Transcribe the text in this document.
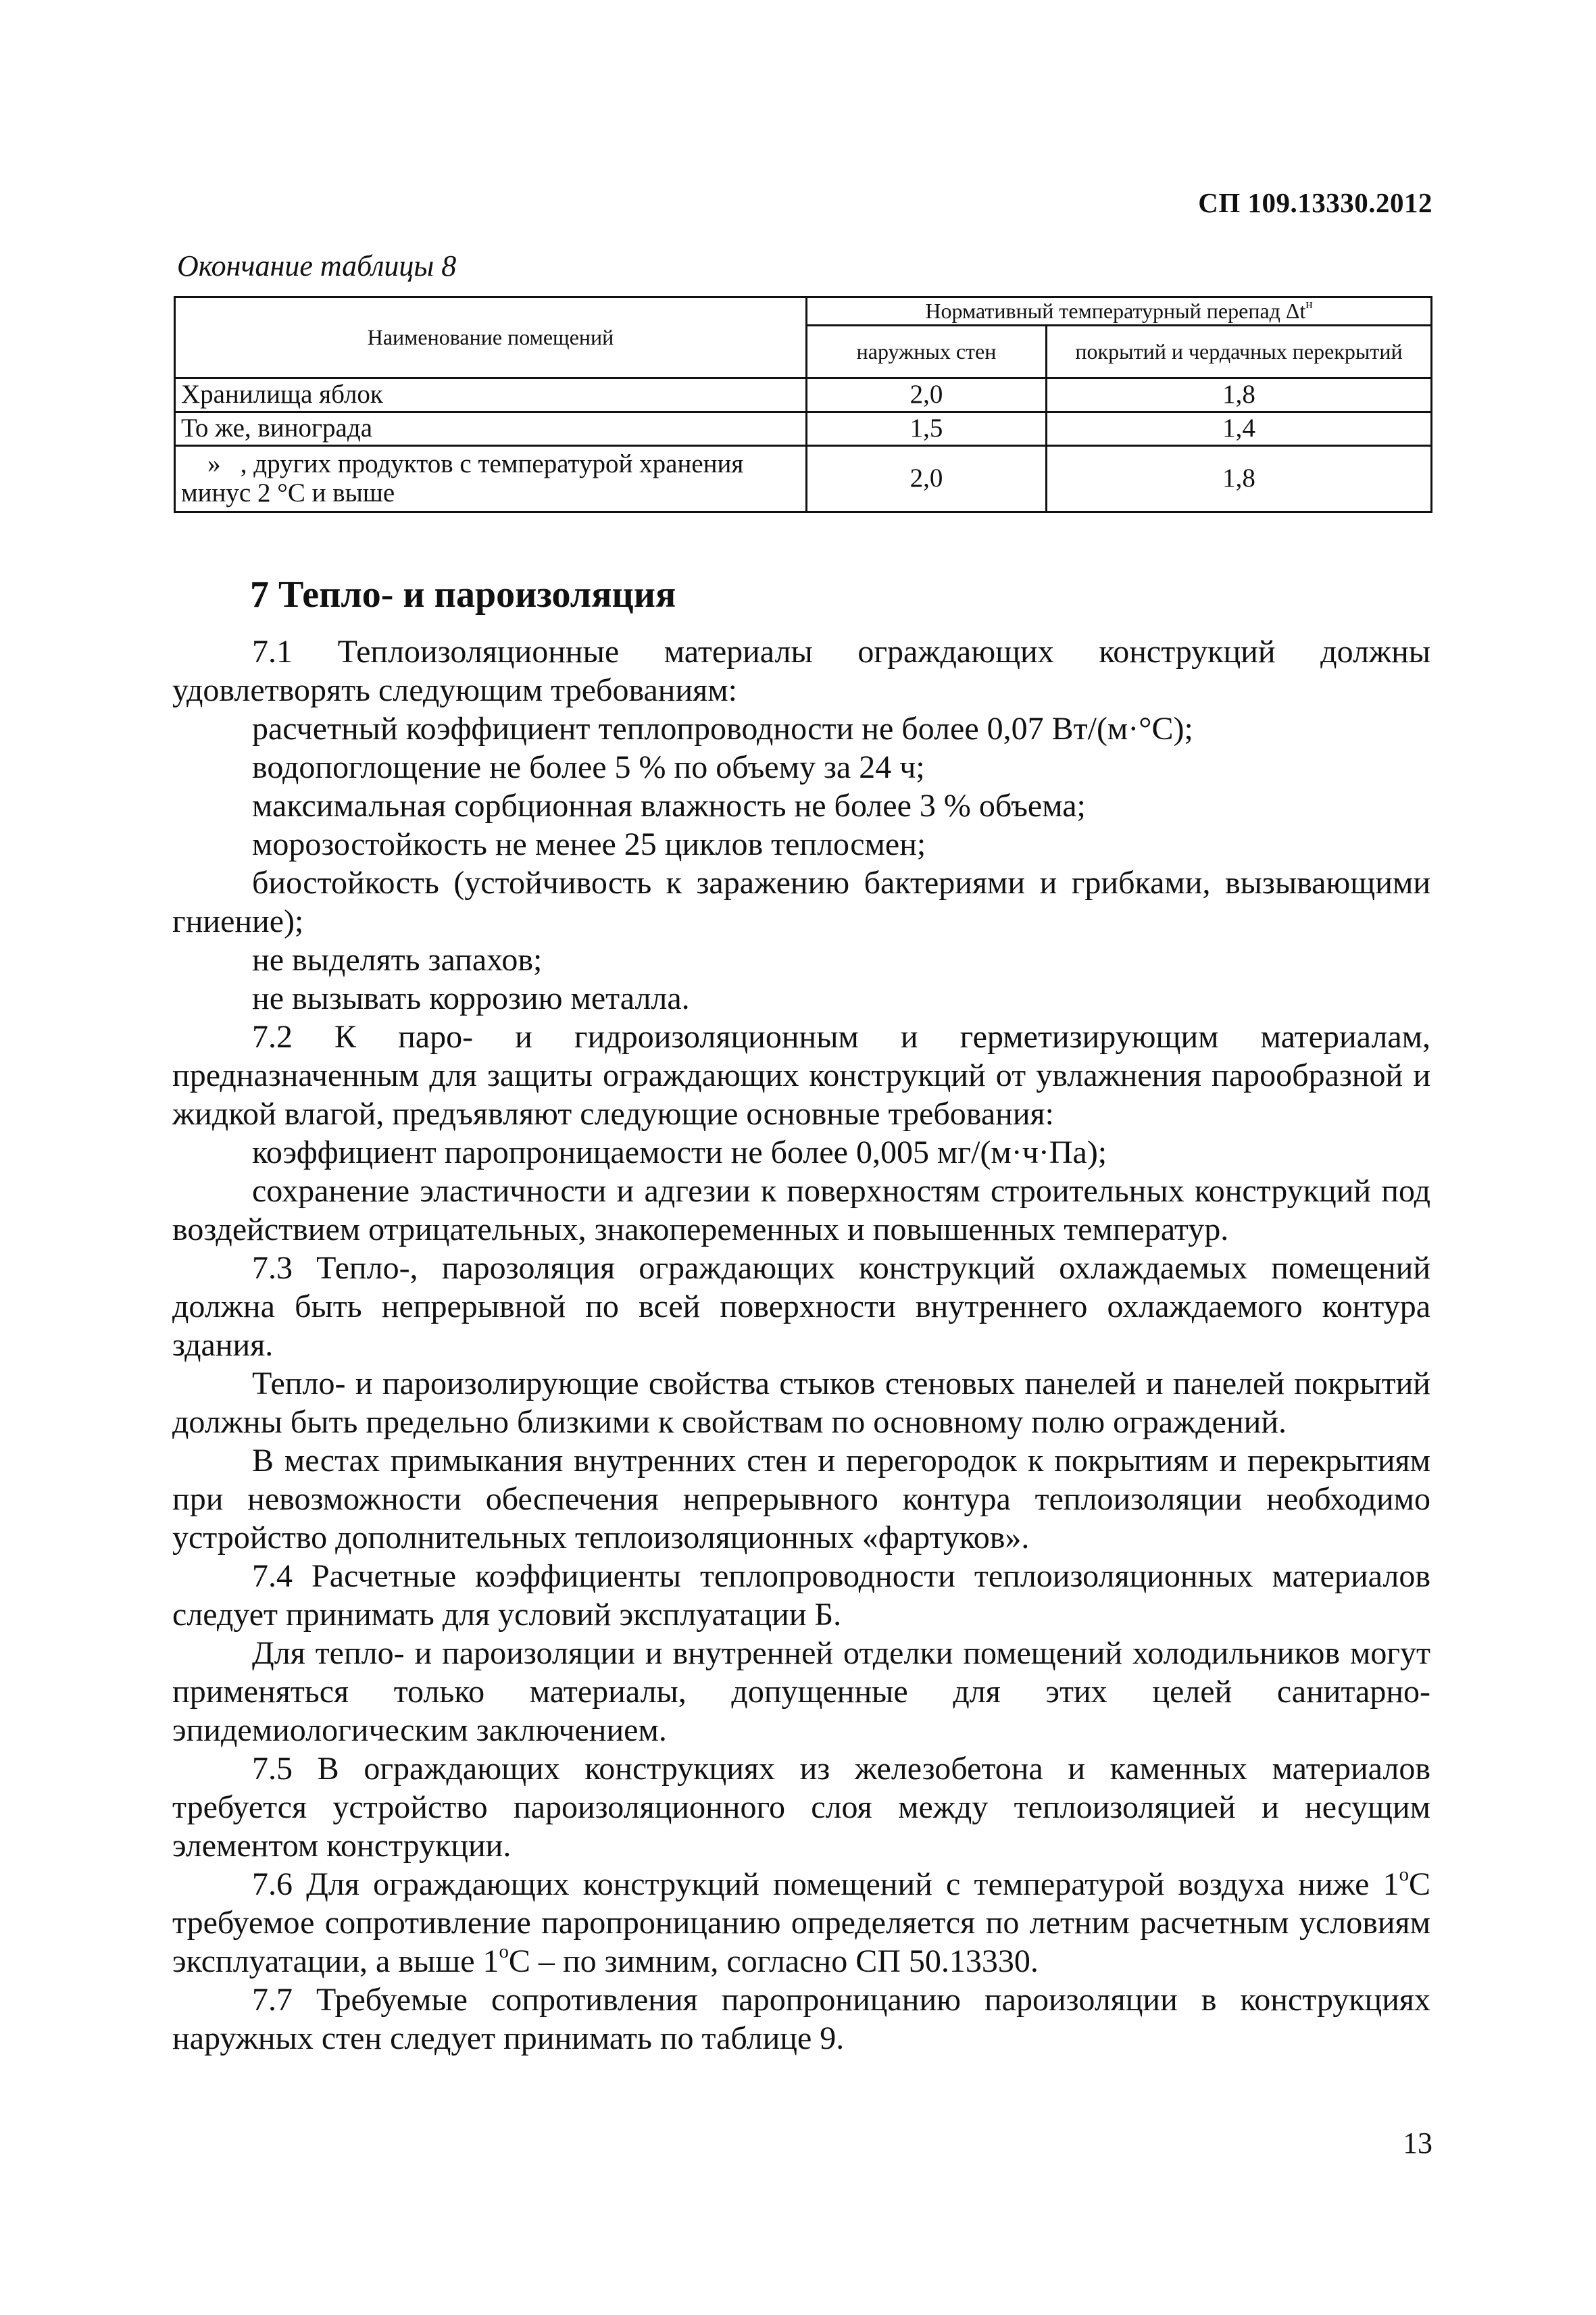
СП 109.13330.2012
Окончание таблицы 8
Наименование помещений	Нормативный температурный перепад $\Delta t^н$
	наружных стен	покрытий и чердачных перекрытий
Хранилища яблок	2,0	1,8
То же, винограда	1,5	1,4
»   , других продуктов с температурой хранения минус 2 °С и выше	2,0	1,8
7 Тепло- и пароизоляция

7.1 Теплоизоляционные материалы ограждающих конструкций должны удовлетворять следующим требованиям:

расчетный коэффициент теплопроводности не более 0,07 Вт/(м·°С);

водопоглощение не более 5 % по объему за 24 ч;

максимальная сорбционная влажность не более 3 % объема;

морозостойкость не менее 25 циклов теплосмен;

биостойкость (устойчивость к заражению бактериями и грибками, вызывающими гниение);

не выделять запахов;

не вызывать коррозию металла.

7.2 К паро- и гидроизоляционным и герметизирующим материалам, предназначенным для защиты ограждающих конструкций от увлажнения парообразной и жидкой влагой, предъявляют следующие основные требования:

коэффициент паропроницаемости не более 0,005 мг/(м·ч·Па);

сохранение эластичности и адгезии к поверхностям строительных конструкций под воздействием отрицательных, знакопеременных и повышенных температур.

7.3 Тепло-, парозоляция ограждающих конструкций охлаждаемых помещений должна быть непрерывной по всей поверхности внутреннего охлаждаемого контура здания.

Тепло- и пароизолирующие свойства стыков стеновых панелей и панелей покрытий должны быть предельно близкими к свойствам по основному полю ограждений.

В местах примыкания внутренних стен и перегородок к покрытиям и перекрытиям при невозможности обеспечения непрерывного контура теплоизоляции необходимо устройство дополнительных теплоизоляционных «фартуков».

7.4 Расчетные коэффициенты теплопроводности теплоизоляционных материалов следует принимать для условий эксплуатации Б.

Для тепло- и пароизоляции и внутренней отделки помещений холодильников могут применяться только материалы, допущенные для этих целей санитарно-эпидемиологическим заключением.

7.5 В ограждающих конструкциях из железобетона и каменных материалов требуется устройство пароизоляционного слоя между теплоизоляцией и несущим элементом конструкции.

7.6 Для ограждающих конструкций помещений с температурой воздуха ниже $1^оС$ требуемое сопротивление паропроницанию определяется по летним расчетным условиям эксплуатации, а выше $1^оС$ – по зимним, согласно СП 50.13330.

7.7 Требуемые сопротивления паропроницанию пароизоляции в конструкциях наружных стен следует принимать по таблице 9.

13
